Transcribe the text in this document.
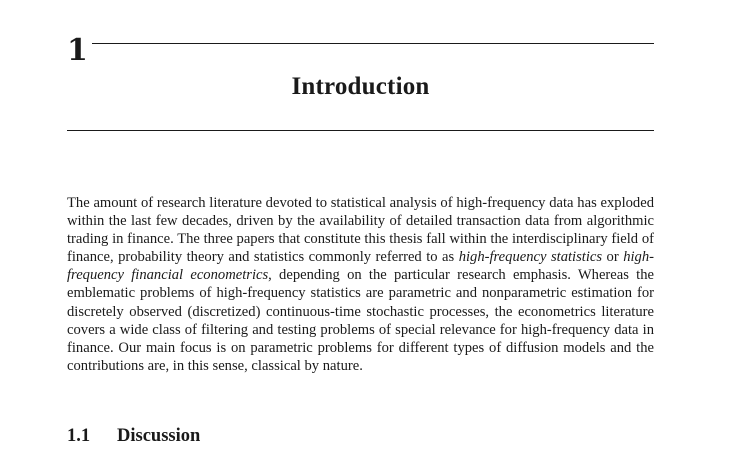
1
Introduction

The amount of research literature devoted to statistical analysis of high-frequency data has exploded within the last few decades, driven by the availability of detailed transaction data from algorithmic trading in finance. The three papers that constitute this thesis fall within the interdisciplinary field of finance, probability theory and statistics commonly referred to as high-frequency statistics or high-frequency financial econometrics, depending on the particular research emphasis. Whereas the emblematic problems of high-frequency statistics are parametric and nonparametric estimation for discretely observed (discretized) continuous-time stochastic processes, the econometrics literature covers a wide class of filtering and testing problems of special relevance for high-frequency data in finance. Our main focus is on parametric problems for different types of diffusion models and the contributions are, in this sense, classical by nature.

1.1 Discussion
